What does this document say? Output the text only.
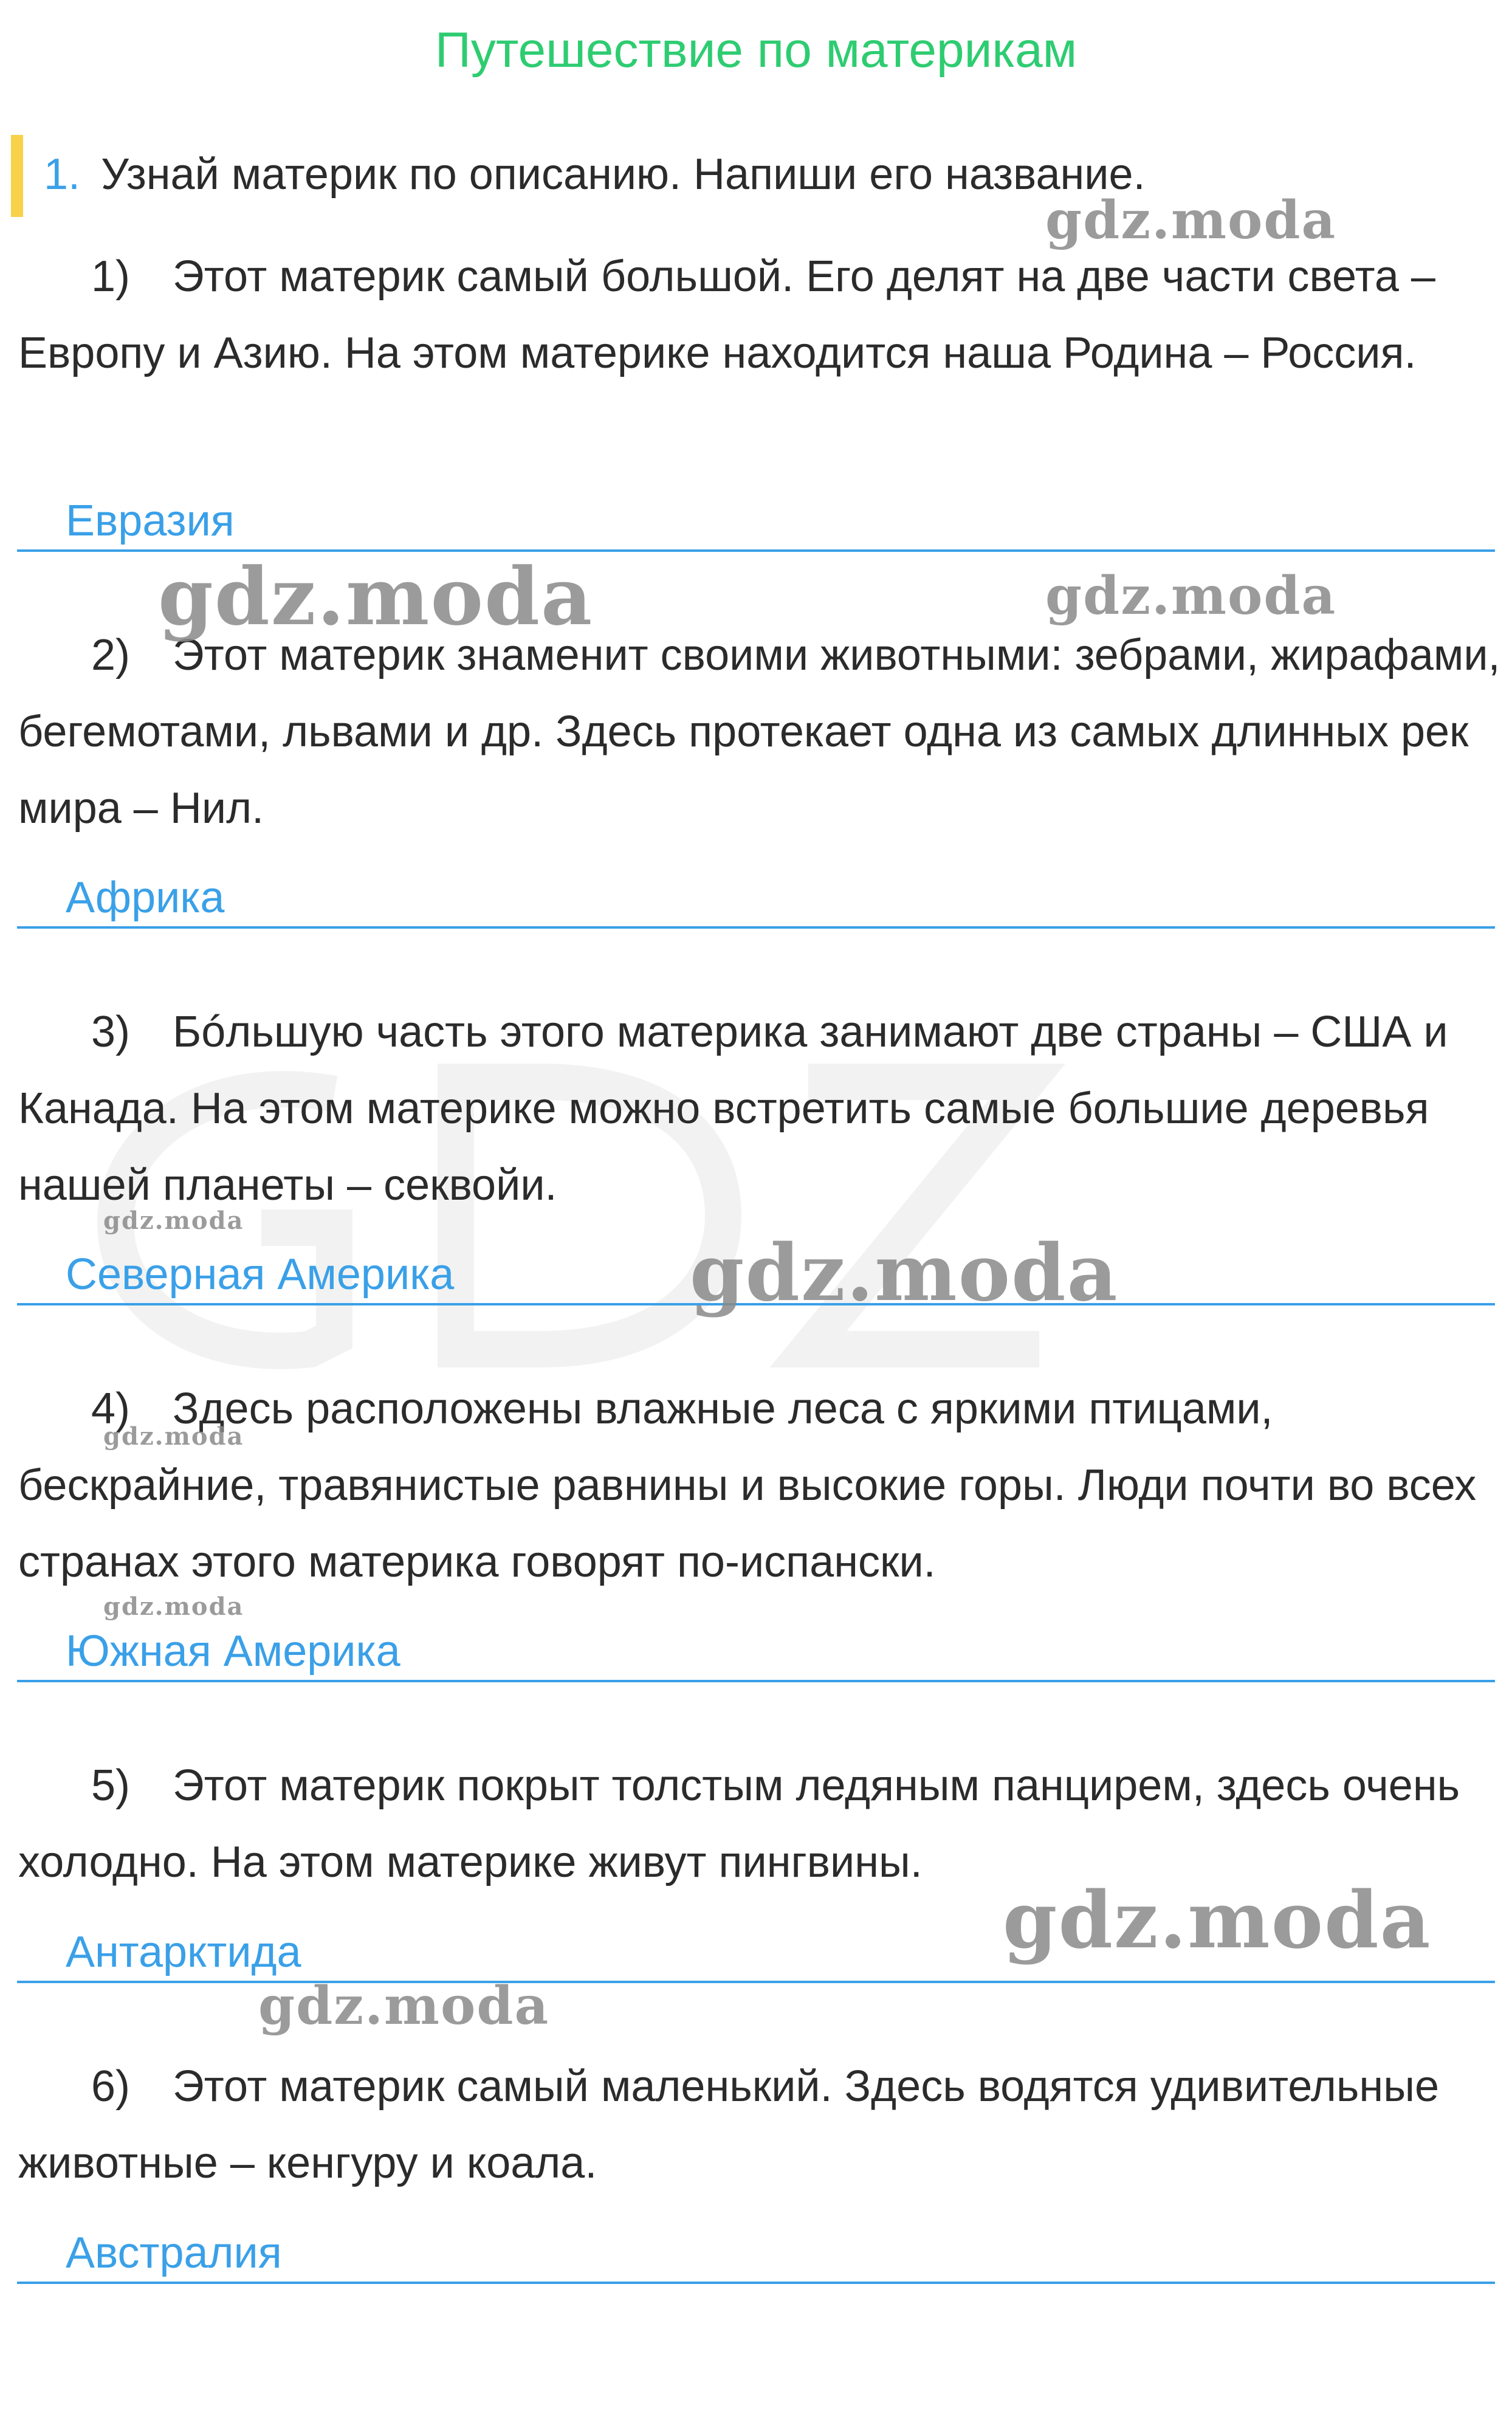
Путешествие по материкам
1. Узнай материк по описанию. Напиши его название.
1) Этот материк самый большой. Его делят на две части света – Европу и Азию. На этом материке находится наша Родина – Россия.
Евразия
2) Этот материк знаменит своими животными: зебрами, жирафами, бегемотами, львами и др. Здесь протекает одна из самых длинных рек мира – Нил.
Африка
3) Бóльшую часть этого материка занимают две страны – США и Канада. На этом материке можно встретить самые большие деревья нашей планеты – секвойи.
Северная Америка
4) Здесь расположены влажные леса с яркими птицами, бескрайние, травянистые равнины и высокие горы. Люди почти во всех странах этого материка говорят по-испански.
Южная Америка
5) Этот материк покрыт толстым ледяным панцирем, здесь очень холодно. На этом материке живут пингвины.
Антарктида
6) Этот материк самый маленький. Здесь водятся удивительные животные – кенгуру и коала.
Австралия
gdz.moda
gdz.moda	gdz.moda
gdz.moda
gdz.moda
gdz.moda
gdz.moda
gdz.moda
gdz.moda
